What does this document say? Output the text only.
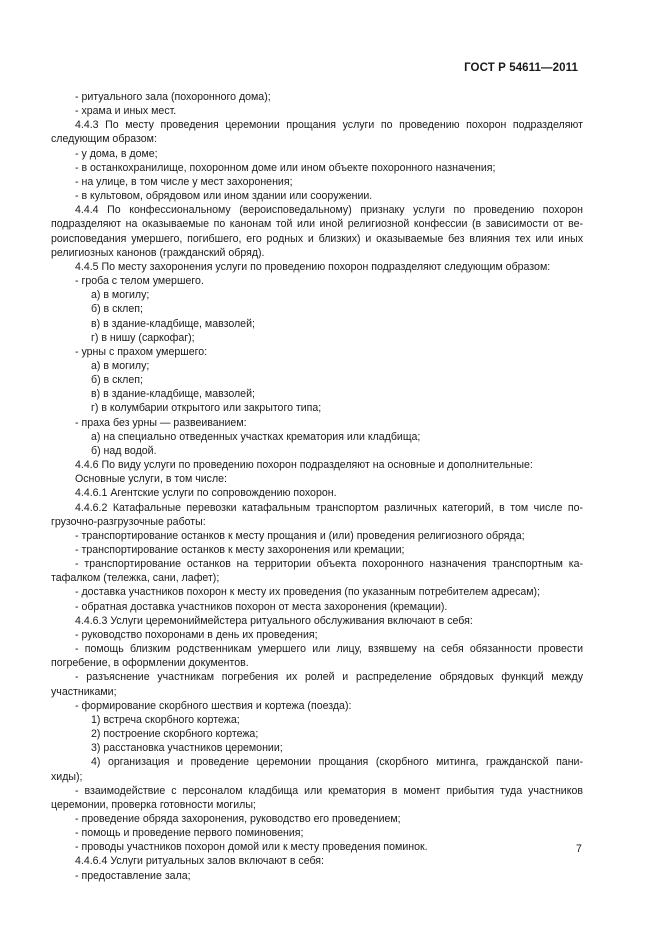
ГОСТ Р 54611—2011
- ритуального зала (похоронного дома);
- храма и иных мест.
4.4.3 По месту проведения церемонии прощания услуги по проведению похорон подразделяют
следующим образом:
- у дома, в доме;
- в останкохранилище, похоронном доме или ином объекте похоронного назначения;
- на улице, в том числе у мест захоронения;
- в культовом, обрядовом или ином здании или сооружении.
4.4.4 По конфессиональному (вероисповедальному) признаку услуги по проведению похорон
подразделяют на оказываемые по канонам той или иной религиозной конфессии (в зависимости от ве-
роисповедания умершего, погибшего, его родных и близких) и оказываемые без влияния тех или иных
религиозных канонов (гражданский обряд).
4.4.5 По месту захоронения услуги по проведению похорон подразделяют следующим образом:
- гроба с телом умершего.
а) в могилу;
б) в склеп;
в) в здание-кладбище, мавзолей;
г) в нишу (саркофаг);
- урны с прахом умершего:
а) в могилу;
б) в склеп;
в) в здание-кладбище, мавзолей;
г) в колумбарии открытого или закрытого типа;
- праха без урны — развеиванием:
а) на специально отведенных участках крематория или кладбища;
б) над водой.
4.4.6 По виду услуги по проведению похорон подразделяют на основные и дополнительные:
Основные услуги, в том числе:
4.4.6.1 Агентские услуги по сопровождению похорон.
4.4.6.2 Катафальные перевозки катафальным транспортом различных категорий, в том числе по-
грузочно-разгрузочные работы:
- транспортирование останков к месту прощания и (или) проведения религиозного обряда;
- транспортирование останков к месту захоронения или кремации;
- транспортирование останков на территории объекта похоронного назначения транспортным ка-
тафалком (тележка, сани, лафет);
- доставка участников похорон к месту их проведения (по указанным потребителем адресам);
- обратная доставка участников похорон от места захоронения (кремации).
4.4.6.3 Услуги церемониймейстера ритуального обслуживания включают в себя:
- руководство похоронами в день их проведения;
- помощь близким родственникам умершего или лицу, взявшему на себя обязанности провести
погребение, в оформлении документов.
- разъяснение участникам погребения их ролей и распределение обрядовых функций между
участниками;
- формирование скорбного шествия и кортежа (поезда):
1) встреча скорбного кортежа;
2) построение скорбного кортежа;
3) расстановка участников церемонии;
4) организация и проведение церемонии прощания (скорбного митинга, гражданской пани-
хиды);
- взаимодействие с персоналом кладбища или крематория в момент прибытия туда участников
церемонии, проверка готовности могилы;
- проведение обряда захоронения, руководство его проведением;
- помощь и проведение первого поминовения;
- проводы участников похорон домой или к месту проведения поминок.
4.4.6.4 Услуги ритуальных залов включают в себя:
- предоставление зала;
7
